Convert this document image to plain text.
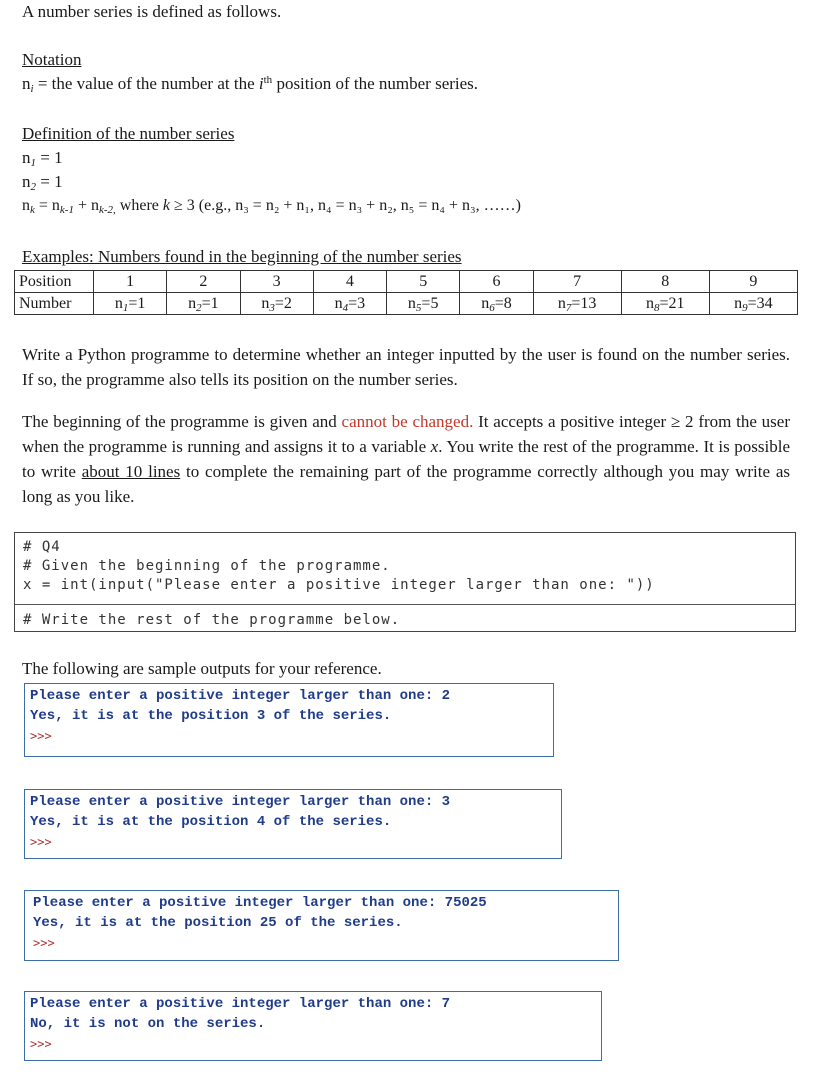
A number series is defined as follows.
Notation
$n_i$ = the value of the number at the $i^{th}$ position of the number series.
Definition of the number series
$n_1 = 1$
$n_2 = 1$
$n_k = n_{k-1} + n_{k-2,}$ where k ≥ 3 (e.g., n₃ = n₂ + n₁, n₄ = n₃ + n₂, n₅ = n₄ + n₃, ……)
Examples: Numbers found in the beginning of the number series
Position	1	2	3	4	5	6	7	8	9
Number	$n_1=1$	$n_2=1$	$n_3=2$	$n_4=3$	$n_5=5$	$n_6=8$	$n_7=13$	$n_8=21$	$n_9=34$
Write a Python programme to determine whether an integer inputted by the user is found on the number series. If so, the programme also tells its position on the number series.
The beginning of the programme is given and cannot be changed. It accepts a positive integer ≥ 2 from the user when the programme is running and assigns it to a variable x. You write the rest of the programme. It is possible to write about 10 lines to complete the remaining part of the programme correctly although you may write as long as you like.
# Q4
# Given the beginning of the programme.
x = int(input("Please enter a positive integer larger than one: "))
# Write the rest of the programme below.
The following are sample outputs for your reference.
Please enter a positive integer larger than one: 2
Yes, it is at the position 3 of the series.
>>>
Please enter a positive integer larger than one: 3
Yes, it is at the position 4 of the series.
>>>
Please enter a positive integer larger than one: 75025
Yes, it is at the position 25 of the series.
>>>
Please enter a positive integer larger than one: 7
No, it is not on the series.
>>>
